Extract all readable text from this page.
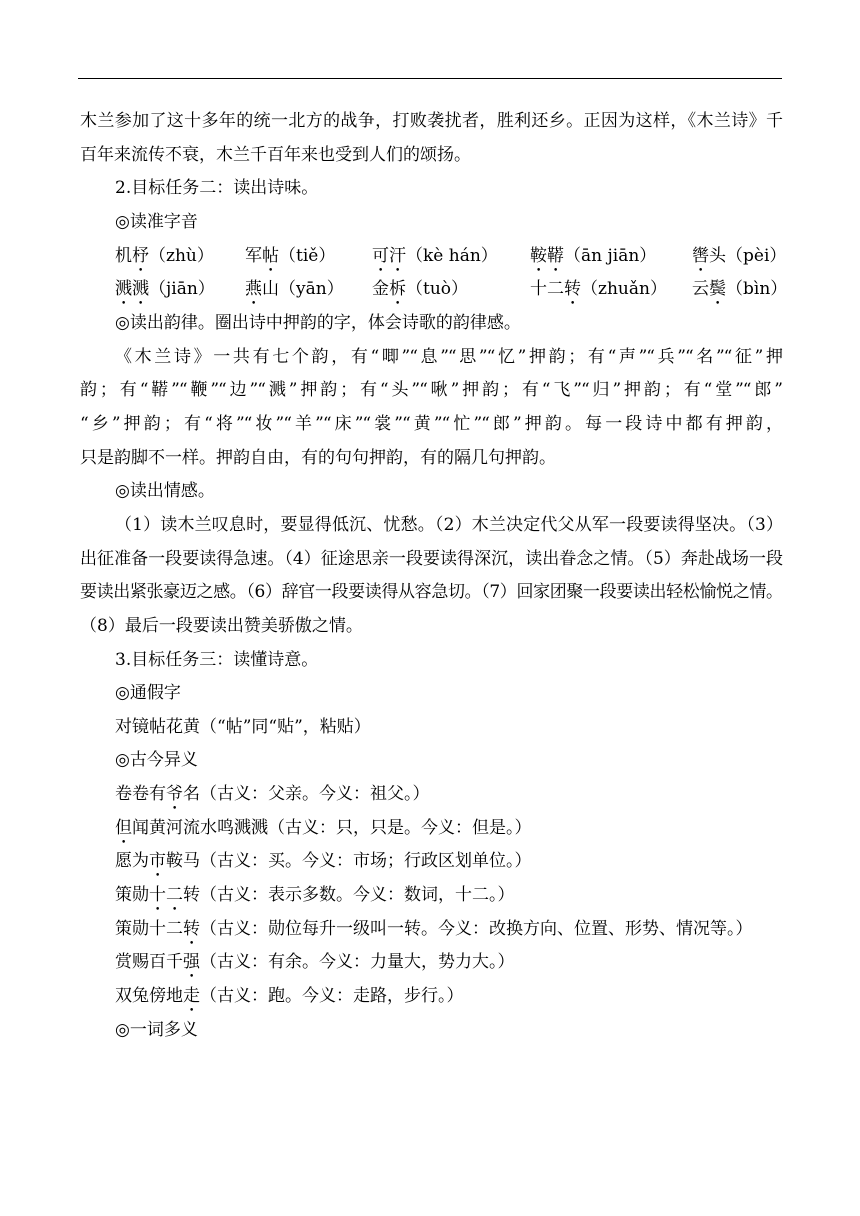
木兰参加了这十多年的统一北方的战争，打败袭扰者，胜利还乡。正因为这样，《木兰诗》千
百年来流传不衰，木兰千百年来也受到人们的颂扬。
2.目标任务二：读出诗味。
◎读准字音
机杼（zhù） 军帖（tiě） 可汗（kè hán） 鞍鞯（ān jiān） 辔头（pèi）
溅溅（jiān） 燕山（yān） 金柝（tuò）	十二转（zhuǎn） 云鬓（bìn）
◎读出韵律。圈出诗中押韵的字，体会诗歌的韵律感。
《木兰诗》一共有七个韵，有“唧”“息”“思”“忆”押韵；有“声”“兵”“名”“征”押
韵；有“鞯”“鞭”“边”“溅”押韵；有“头”“啾”押韵；有“飞”“归”押韵；有“堂”“郎”
“乡”押韵；有“将”“妆”“羊”“床”“裳”“黄”“忙”“郎”押韵。每一段诗中都有押韵，
只是韵脚不一样。押韵自由，有的句句押韵，有的隔几句押韵。
◎读出情感。
（1）读木兰叹息时，要显得低沉、忧愁。（2）木兰决定代父从军一段要读得坚决。（3）
出征准备一段要读得急速。（4）征途思亲一段要读得深沉，读出眷念之情。（5）奔赴战场一段
要读出紧张豪迈之感。（6）辞官一段要读得从容急切。（7）回家团聚一段要读出轻松愉悦之情。
（8）最后一段要读出赞美骄傲之情。
3.目标任务三：读懂诗意。
◎通假字
对镜帖花黄（“帖”同“贴”，粘贴）
◎古今异义
卷卷有爷名（古义：父亲。今义：祖父。）
但闻黄河流水鸣溅溅（古义：只，只是。今义：但是。）
愿为市鞍马（古义：买。今义：市场；行政区划单位。）
策勋十二转（古义：表示多数。今义：数词，十二。）
策勋十二转（古义：勋位每升一级叫一转。今义：改换方向、位置、形势、情况等。）
赏赐百千强（古义：有余。今义：力量大，势力大。）
双兔傍地走（古义：跑。今义：走路，步行。）
◎一词多义
